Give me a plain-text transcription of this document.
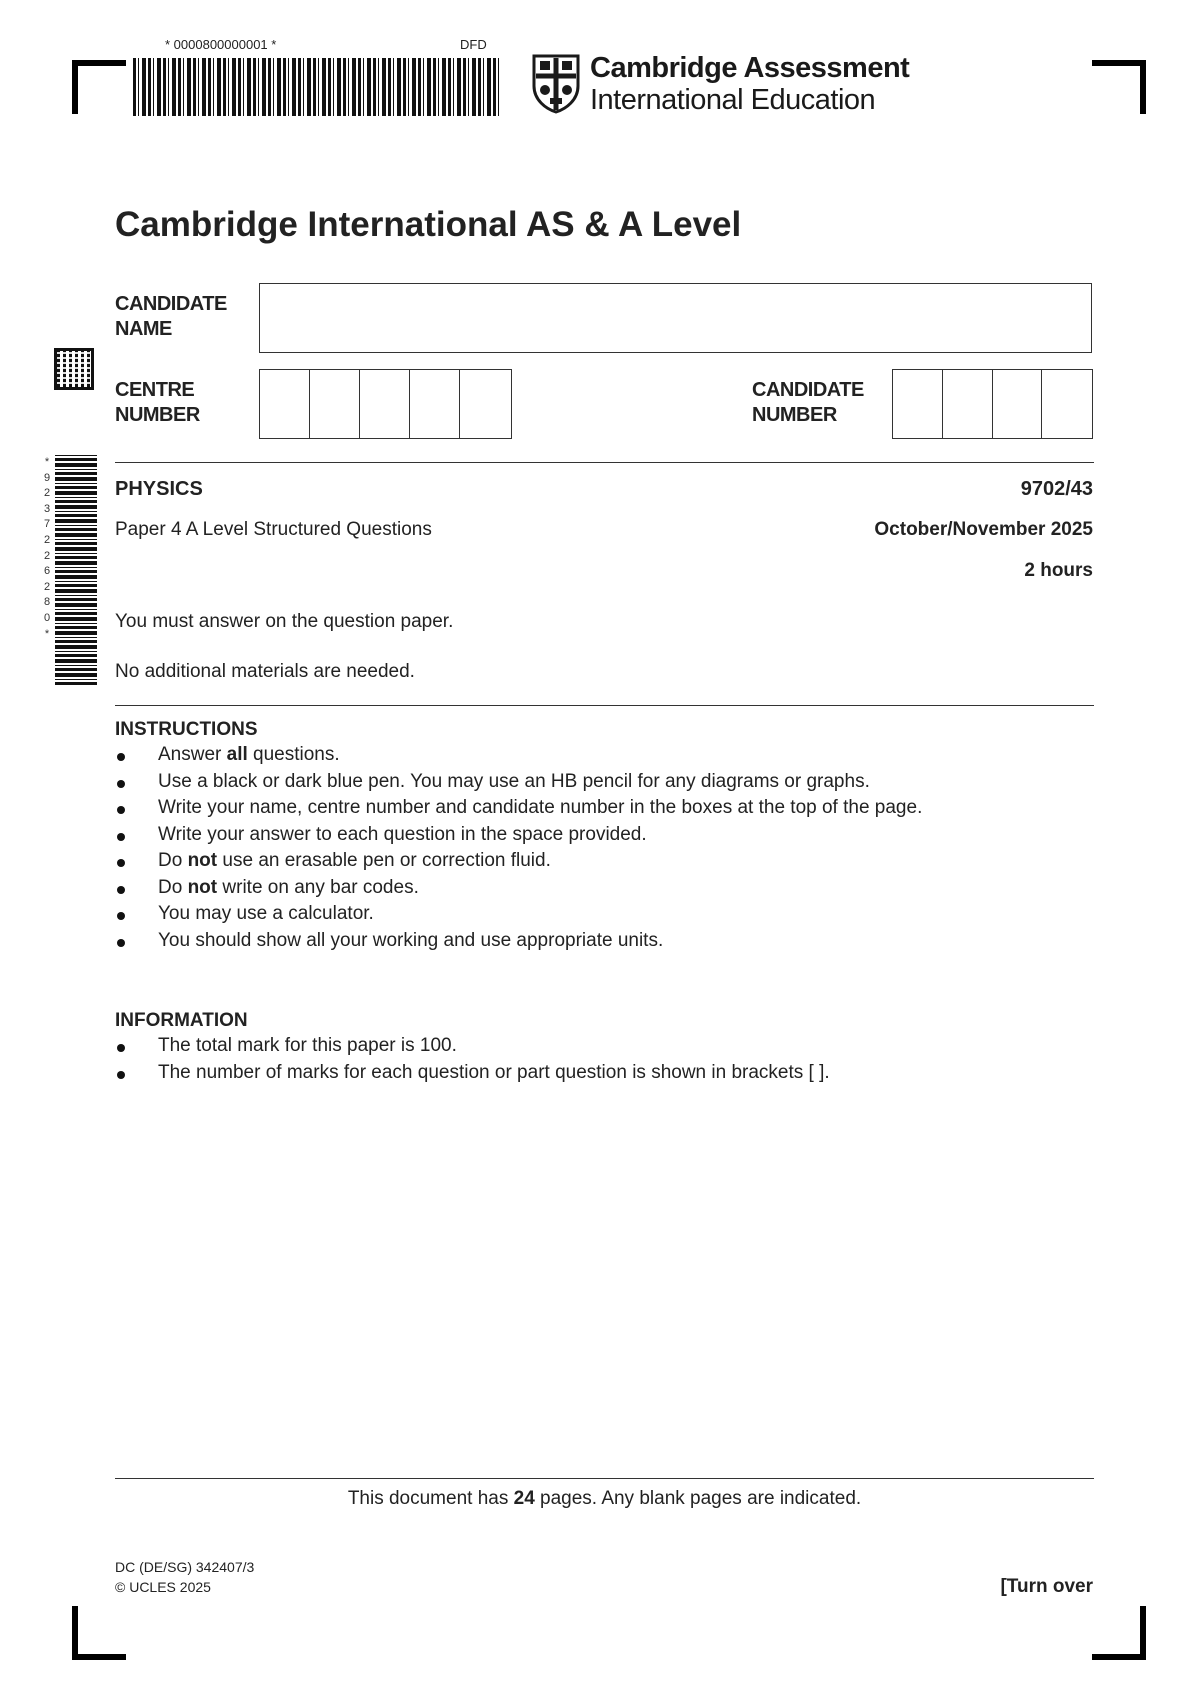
* 0000800000001 *	DFD
Cambridge Assessment
International Education
Cambridge International AS & A Level
CANDIDATE
NAME
*
9
2
3
7
2
2
6
2
8
0
*
CENTRE
NUMBER
CANDIDATE
NUMBER
PHYSICS	9702/43
Paper 4 A Level Structured Questions	October/November 2025
2 hours
You must answer on the question paper.
No additional materials are needed.
INSTRUCTIONS
Answer all questions.
Use a black or dark blue pen. You may use an HB pencil for any diagrams or graphs.
Write your name, centre number and candidate number in the boxes at the top of the page.
Write your answer to each question in the space provided.
Do not use an erasable pen or correction fluid.
Do not write on any bar codes.
You may use a calculator.
You should show all your working and use appropriate units.
INFORMATION
The total mark for this paper is 100.
The number of marks for each question or part question is shown in brackets [ ].
This document has 24 pages. Any blank pages are indicated.
DC (DE/SG) 342407/3
© UCLES 2025	[Turn over
